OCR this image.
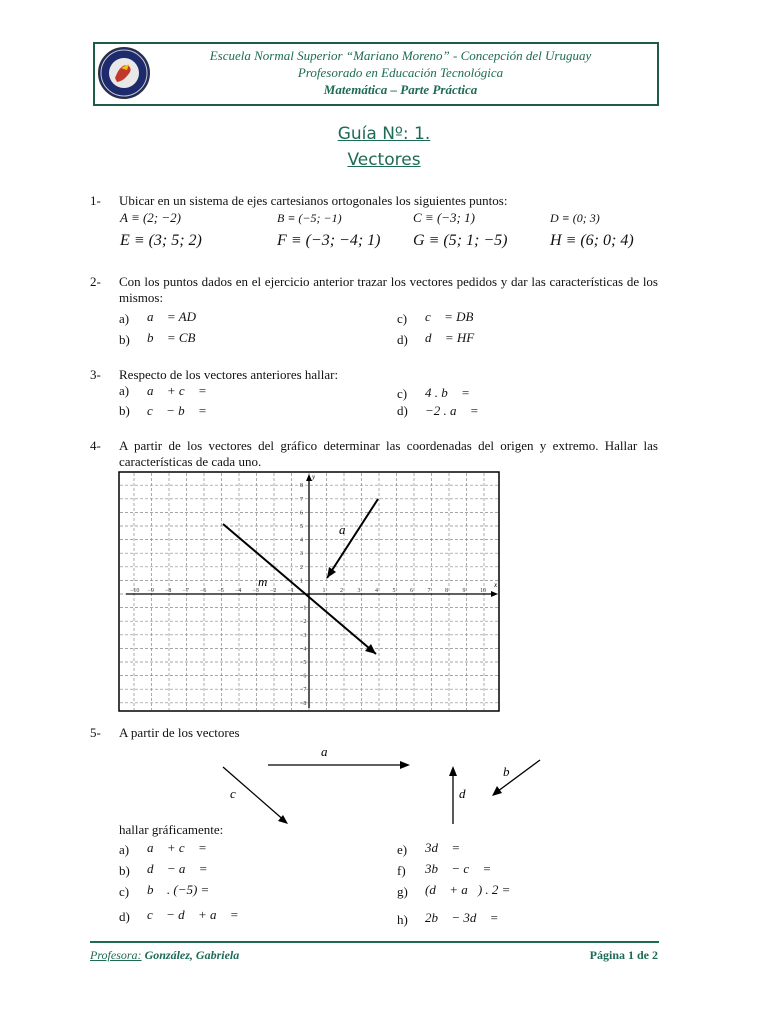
Escuela Normal Superior “Mariano Moreno” - Concepción del Uruguay
Profesorado en Educación Tecnológica
Matemática – Parte Práctica
Guía Nº: 1.
Vectores
1- Ubicar en un sistema de ejes cartesianos ortogonales los siguientes puntos:
A ≡ (2; −2)	B ≡ (−5; −1)	C ≡ (−3; 1)	D ≡ (0; 3)
E ≡ (3; 5; 2)	F ≡ (−3; −4; 1) G ≡ (5; 1; −5)	H ≡ (6; 0; 4)
2- Con los puntos dados en el ejercicio anterior trazar los vectores pedidos y dar las características de los mismos:
a) a⃗ = AD⃗	c) c⃗ = DB⃗
b) b⃗ = CB⃗	d) d⃗ = HF⃗
3- Respecto de los vectores anteriores hallar:
a) a⃗ + c⃗ =	c) 4 . b⃗ =
b) c⃗ − b⃗ =	d) −2 . a⃗ =
4- A partir de los vectores del gráfico determinar las coordenadas del origen y extremo. Hallar las características de cada uno.
−10 −9 −8 −7 −6 −5 −4 −3 −2 −1	1 2 3 4 5 6 7 8 9 10
8
7
6
5
4
3
2
1
−1
−2
−3
−4
−5
−6
−7
−8
a⃗
m⃗
y
x
5- A partir de los vectores
a⃗
c⃗	d⃗
b⃗
hallar gráficamente:
a) a⃗ + c⃗ =	e) 3d⃗ =
b) d⃗ − a⃗ =	f) 3b⃗ − c⃗ =
c) b⃗ . (−5) =	g) (d⃗ + a⃗) . 2 =
d) c⃗ − d⃗ + a⃗ =	h) 2b⃗ − 3d⃗ =
Profesora: González, Gabriela	Página 1 de 2
